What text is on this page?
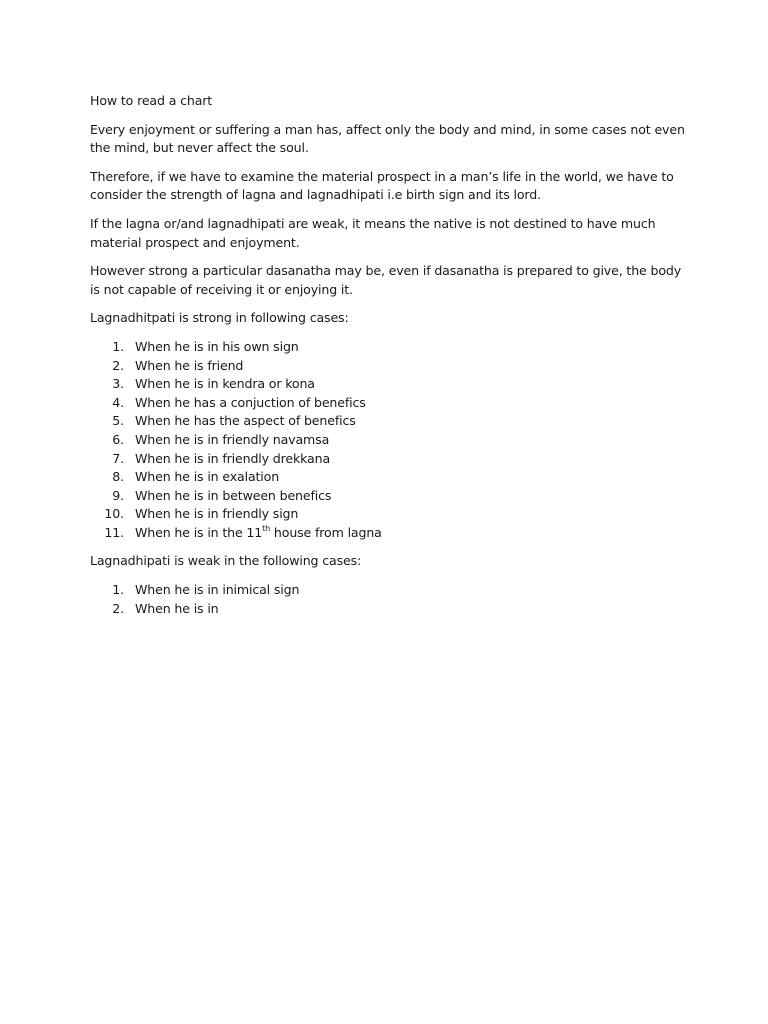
How to read a chart

Every enjoyment or suffering a man has, affect only the body and mind, in some cases not even the mind, but never affect the soul.

Therefore, if we have to examine the material prospect in a man’s life in the world, we have to consider the strength of lagna and lagnadhipati i.e birth sign and its lord.

If the lagna or/and lagnadhipati are weak, it means the native is not destined to have much material prospect and enjoyment.

However strong a particular dasanatha may be, even if dasanatha is prepared to give, the body is not capable of receiving it or enjoying it.

Lagnadhitpati is strong in following cases:

1. When he is in his own sign
2. When he is friend
3. When he is in kendra or kona
4. When he has a conjuction of benefics
5. When he has the aspect of benefics
6. When he is in friendly navamsa
7. When he is in friendly drekkana
8. When he is in exalation
9. When he is in between benefics
10. When he is in friendly sign
11. When he is in the 11th house from lagna

Lagnadhipati is weak in the following cases:

1. When he is in inimical sign
2. When he is in
